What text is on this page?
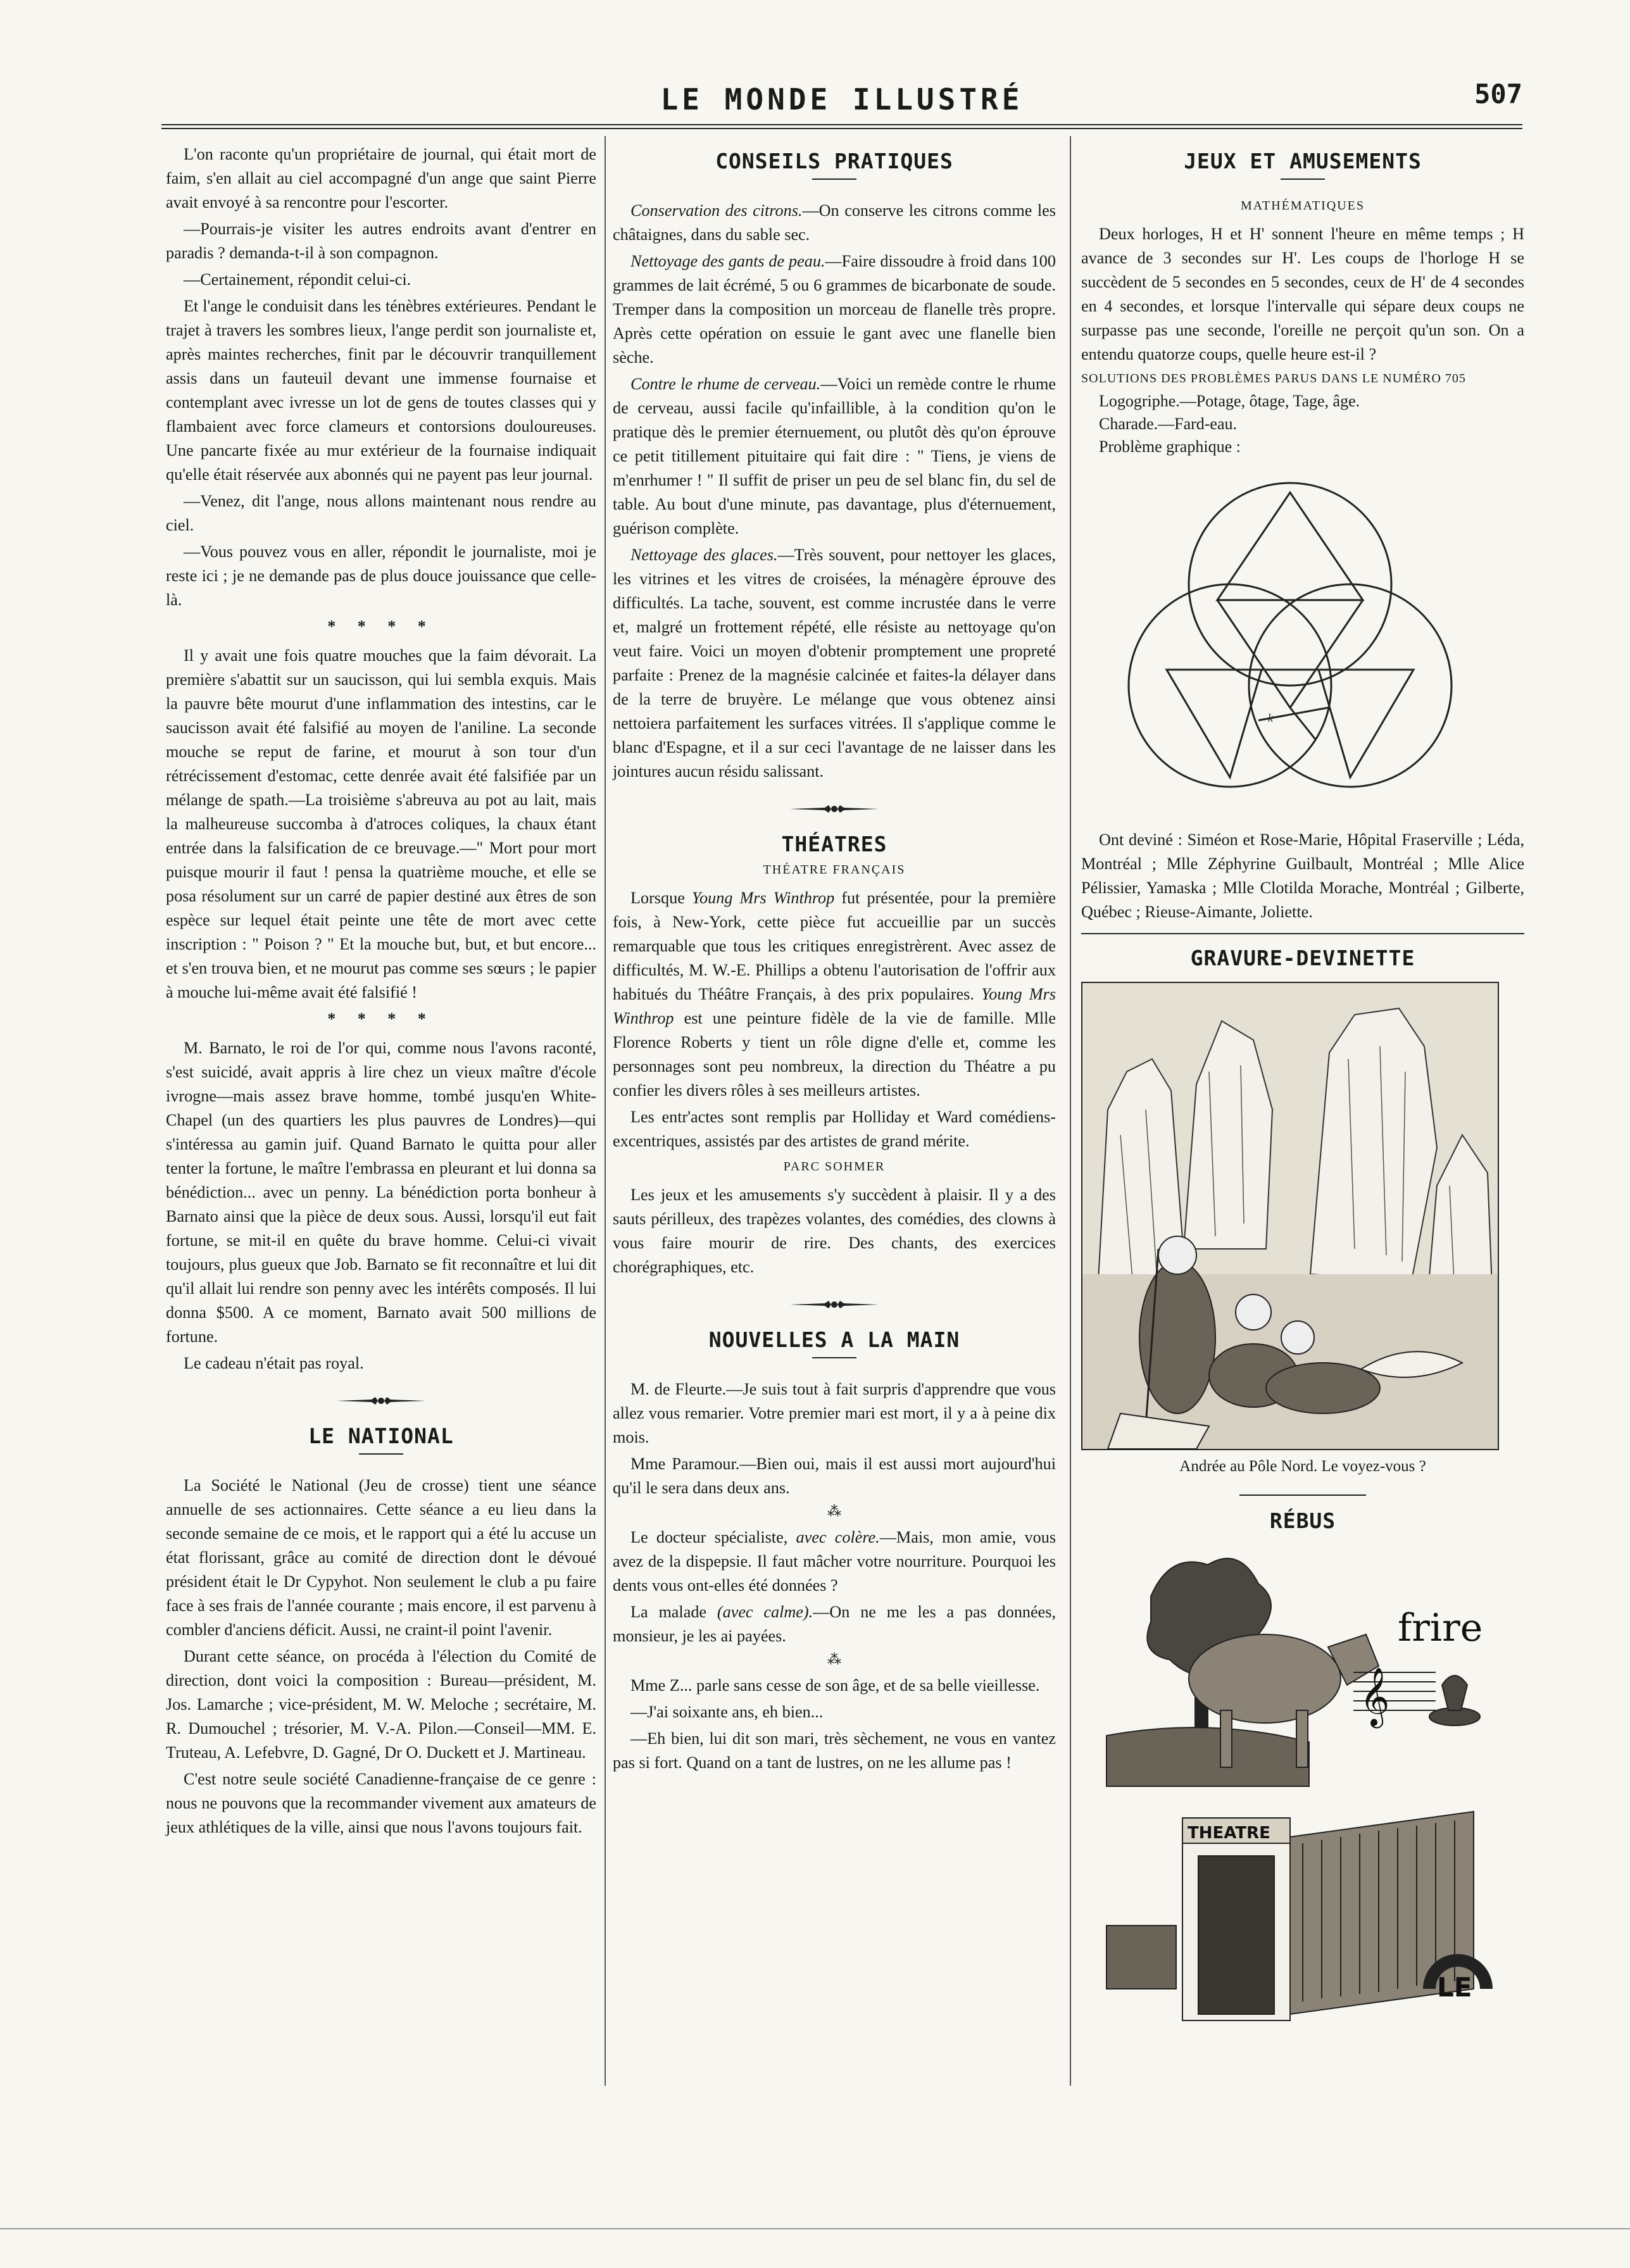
LE MONDE ILLUSTRÉ	507

L'on raconte qu'un propriétaire de journal, qui était mort de faim, s'en allait au ciel accompagné d'un ange que saint Pierre avait envoyé à sa rencontre pour l'escorter.

—Pourrais-je visiter les autres endroits avant d'entrer en paradis ? demanda-t-il à son compagnon.

—Certainement, répondit celui-ci.

Et l'ange le conduisit dans les ténèbres extérieures. Pendant le trajet à travers les sombres lieux, l'ange perdit son journaliste et, après maintes recherches, finit par le découvrir tranquillement assis dans un fauteuil devant une immense fournaise et contemplant avec ivresse un lot de gens de toutes classes qui y flambaient avec force clameurs et contorsions douloureuses. Une pancarte fixée au mur extérieur de la fournaise indiquait qu'elle était réservée aux abonnés qui ne payent pas leur journal.

—Venez, dit l'ange, nous allons maintenant nous rendre au ciel.

—Vous pouvez vous en aller, répondit le journaliste, moi je reste ici ; je ne demande pas de plus douce jouissance que celle-là.

* * * *

Il y avait une fois quatre mouches que la faim dévorait. La première s'abattit sur un saucisson, qui lui sembla exquis. Mais la pauvre bête mourut d'une inflammation des intestins, car le saucisson avait été falsifié au moyen de l'aniline. La seconde mouche se reput de farine, et mourut à son tour d'un rétrécissement d'estomac, cette denrée avait été falsifiée par un mélange de spath.—La troisième s'abreuva au pot au lait, mais la malheureuse succomba à d'atroces coliques, la chaux étant entrée dans la falsification de ce breuvage.—" Mort pour mort puisque mourir il faut ! pensa la quatrième mouche, et elle se posa résolument sur un carré de papier destiné aux êtres de son espèce sur lequel était peinte une tête de mort avec cette inscription : " Poison ? " Et la mouche but, but, et but encore... et s'en trouva bien, et ne mourut pas comme ses sœurs ; le papier à mouche lui-même avait été falsifié !

* * * *

M. Barnato, le roi de l'or qui, comme nous l'avons raconté, s'est suicidé, avait appris à lire chez un vieux maître d'école ivrogne—mais assez brave homme, tombé jusqu'en White-Chapel (un des quartiers les plus pauvres de Londres)—qui s'intéressa au gamin juif. Quand Barnato le quitta pour aller tenter la fortune, le maître l'embrassa en pleurant et lui donna sa bénédiction... avec un penny. La bénédiction porta bonheur à Barnato ainsi que la pièce de deux sous. Aussi, lorsqu'il eut fait fortune, se mit-il en quête du brave homme. Celui-ci vivait toujours, plus gueux que Job. Barnato se fit reconnaître et lui dit qu'il allait lui rendre son penny avec les intérêts composés. Il lui donna $500. A ce moment, Barnato avait 500 millions de fortune.

Le cadeau n'était pas royal.

LE NATIONAL

La Société le National (Jeu de crosse) tient une séance annuelle de ses actionnaires. Cette séance a eu lieu dans la seconde semaine de ce mois, et le rapport qui a été lu accuse un état florissant, grâce au comité de direction dont le dévoué président était le Dr Cypyhot. Non seulement le club a pu faire face à ses frais de l'année courante ; mais encore, il est parvenu à combler d'anciens déficit. Aussi, ne craint-il point l'avenir.

Durant cette séance, on procéda à l'élection du Comité de direction, dont voici la composition : Bureau—président, M. Jos. Lamarche ; vice-président, M. W. Meloche ; secrétaire, M. R. Dumouchel ; trésorier, M. V.-A. Pilon.—Conseil—MM. E. Truteau, A. Lefebvre, D. Gagné, Dr O. Duckett et J. Martineau.

C'est notre seule société Canadienne-française de ce genre : nous ne pouvons que la recommander vivement aux amateurs de jeux athlétiques de la ville, ainsi que nous l'avons toujours fait.

CONSEILS PRATIQUES

Conservation des citrons.—On conserve les citrons comme les châtaignes, dans du sable sec.

Nettoyage des gants de peau.—Faire dissoudre à froid dans 100 grammes de lait écrémé, 5 ou 6 grammes de bicarbonate de soude. Tremper dans la composition un morceau de flanelle très propre. Après cette opération on essuie le gant avec une flanelle bien sèche.

Contre le rhume de cerveau.—Voici un remède contre le rhume de cerveau, aussi facile qu'infaillible, à la condition qu'on le pratique dès le premier éternuement, ou plutôt dès qu'on éprouve ce petit titillement pituitaire qui fait dire : " Tiens, je viens de m'enrhumer ! " Il suffit de priser un peu de sel blanc fin, du sel de table. Au bout d'une minute, pas davantage, plus d'éternuement, guérison complète.

Nettoyage des glaces.—Très souvent, pour nettoyer les glaces, les vitrines et les vitres de croisées, la ménagère éprouve des difficultés. La tache, souvent, est comme incrustée dans le verre et, malgré un frottement répété, elle résiste au nettoyage qu'on veut faire. Voici un moyen d'obtenir promptement une propreté parfaite : Prenez de la magnésie calcinée et faites-la délayer dans de la terre de bruyère. Le mélange que vous obtenez ainsi nettoiera parfaitement les surfaces vitrées. Il s'applique comme le blanc d'Espagne, et il a sur ceci l'avantage de ne laisser dans les jointures aucun résidu salissant.

THÉATRES
THÉATRE FRANÇAIS

Lorsque Young Mrs Winthrop fut présentée, pour la première fois, à New-York, cette pièce fut accueillie par un succès remarquable que tous les critiques enregistrèrent. Avec assez de difficultés, M. W.-E. Phillips a obtenu l'autorisation de l'offrir aux habitués du Théâtre Français, à des prix populaires. Young Mrs Winthrop est une peinture fidèle de la vie de famille. Mlle Florence Roberts y tient un rôle digne d'elle et, comme les personnages sont peu nombreux, la direction du Théatre a pu confier les divers rôles à ses meilleurs artistes.

Les entr'actes sont remplis par Holliday et Ward comédiens-excentriques, assistés par des artistes de grand mérite.

PARC SOHMER

Les jeux et les amusements s'y succèdent à plaisir. Il y a des sauts périlleux, des trapèzes volantes, des comédies, des clowns à vous faire mourir de rire. Des chants, des exercices chorégraphiques, etc.

NOUVELLES A LA MAIN

M. de Fleurte.—Je suis tout à fait surpris d'apprendre que vous allez vous remarier. Votre premier mari est mort, il y a à peine dix mois.

Mme Paramour.—Bien oui, mais il est aussi mort aujourd'hui qu'il le sera dans deux ans.

⁂

Le docteur spécialiste, avec colère.—Mais, mon amie, vous avez de la dispepsie. Il faut mâcher votre nourriture. Pourquoi les dents vous ont-elles été données ?

La malade (avec calme).—On ne me les a pas données, monsieur, je les ai payées.

⁂

Mme Z... parle sans cesse de son âge, et de sa belle vieillesse.

—J'ai soixante ans, eh bien...

—Eh bien, lui dit son mari, très sèchement, ne vous en vantez pas si fort. Quand on a tant de lustres, on ne les allume pas !

JEUX ET AMUSEMENTS
MATHÉMATIQUES

Deux horloges, H et H' sonnent l'heure en même temps ; H avance de 3 secondes sur H'. Les coups de l'horloge H se succèdent de 5 secondes en 5 secondes, ceux de H' de 4 secondes en 4 secondes, et lorsque l'intervalle qui sépare deux coups ne surpasse pas une seconde, l'oreille ne perçoit qu'un son. On a entendu quatorze coups, quelle heure est-il ?

SOLUTIONS DES PROBLÈMES PARUS DANS LE NUMÉRO 705
Logogriphe.—Potage, ôtage, Tage, âge.
Charade.—Fard-eau.
Problème graphique :
k

Ont deviné : Siméon et Rose-Marie, Hôpital Fraserville ; Léda, Montréal ; Mlle Zéphyrine Guilbault, Montréal ; Mlle Alice Pélissier, Yamaska ; Mlle Clotilda Morache, Montréal ; Gilberte, Québec ; Rieuse-Aimante, Joliette.

GRAVURE-DEVINETTE
Andrée au Pôle Nord. Le voyez-vous ?
RÉBUS
frire
𝄞
THEATRE
LE
